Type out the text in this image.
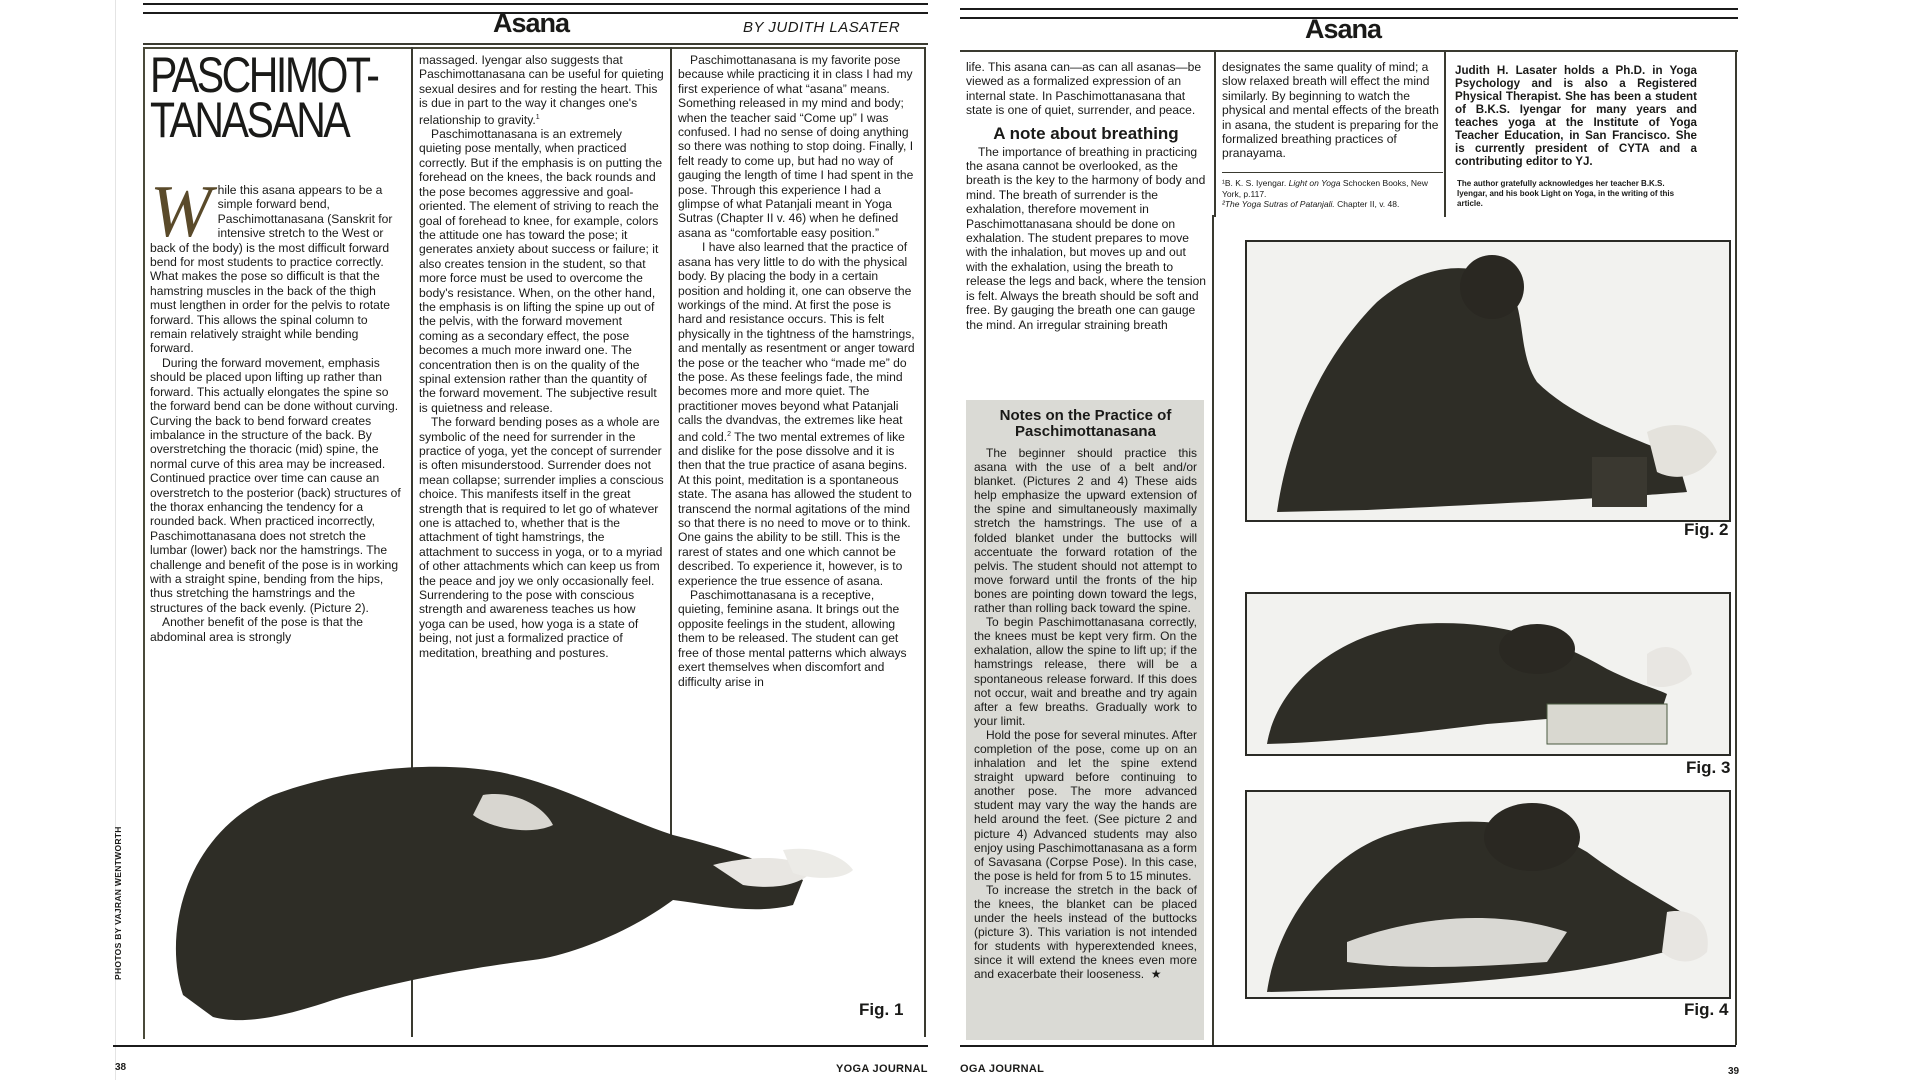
Asana	BY JUDITH LASATER
PASCHIMOT-
TANASANA

While this asana appears to be a simple forward bend, Paschimottanasana (Sanskrit for intensive stretch to the West or back of the body) is the most difficult forward bend for most students to practice correctly. What makes the pose so difficult is that the hamstring muscles in the back of the thigh must lengthen in order for the pelvis to rotate forward. This allows the spinal column to remain relatively straight while bending forward.

During the forward movement, emphasis should be placed upon lifting up rather than forward. This actually elongates the spine so the forward bend can be done without curving. Curving the back to bend forward creates imbalance in the structure of the back. By overstretching the thoracic (mid) spine, the normal curve of this area may be increased. Continued practice over time can cause an overstretch to the posterior (back) structures of the thorax enhancing the tendency for a rounded back. When practiced incorrectly, Paschimottanasana does not stretch the lumbar (lower) back nor the hamstrings. The challenge and benefit of the pose is in working with a straight spine, bending from the hips, thus stretching the hamstrings and the structures of the back evenly. (Picture 2).

Another benefit of the pose is that the abdominal area is strongly

massaged. Iyengar also suggests that Paschimottanasana can be useful for quieting sexual desires and for resting the heart. This is due in part to the way it changes one's relationship to gravity.$^1$

Paschimottanasana is an extremely quieting pose mentally, when practiced correctly. But if the emphasis is on putting the forehead on the knees, the back rounds and the pose becomes aggressive and goal-oriented. The element of striving to reach the goal of forehead to knee, for example, colors the attitude one has toward the pose; it generates anxiety about success or failure; it also creates tension in the student, so that more force must be used to overcome the body's resistance. When, on the other hand, the emphasis is on lifting the spine up out of the pelvis, with the forward movement coming as a secondary effect, the pose becomes a much more inward one. The concentration then is on the quality of the spinal extension rather than the quantity of the forward movement. The subjective result is quietness and release.

The forward bending poses as a whole are symbolic of the need for surrender in the practice of yoga, yet the concept of surrender is often misunderstood. Surrender does not mean collapse; surrender implies a conscious choice. This manifests itself in the great strength that is required to let go of whatever one is attached to, whether that is the attachment of tight hamstrings, the attachment to success in yoga, or to a myriad of other attachments which can keep us from the peace and joy we only occasionally feel. Surrendering to the pose with conscious strength and awareness teaches us how yoga can be used, how yoga is a state of being, not just a formalized practice of meditation, breathing and postures.

Paschimottanasana is my favorite pose because while practicing it in class I had my first experience of what “asana” means. Something released in my mind and body; when the teacher said “Come up” I was confused. I had no sense of doing anything so there was nothing to stop doing. Finally, I felt ready to come up, but had no way of gauging the length of time I had spent in the pose. Through this experience I had a glimpse of what Patanjali meant in Yoga Sutras (Chapter II v. 46) when he defined asana as “comfortable easy position.”

I have also learned that the practice of asana has very little to do with the physical body. By placing the body in a certain position and holding it, one can observe the workings of the mind. At first the pose is hard and resistance occurs. This is felt physically in the tightness of the hamstrings, and mentally as resentment or anger toward the pose or the teacher who “made me” do the pose. As these feelings fade, the mind becomes more and more quiet. The practitioner moves beyond what Patanjali calls the dvandvas, the extremes like heat and cold.$^2$ The two mental extremes of like and dislike for the pose dissolve and it is then that the true practice of asana begins. At this point, meditation is a spontaneous state. The asana has allowed the student to transcend the normal agitations of the mind so that there is no need to move or to think. One gains the ability to be still. This is the rarest of states and one which cannot be described. To experience it, however, is to experience the true essence of asana.

Paschimottanasana is a receptive, quieting, feminine asana. It brings out the opposite feelings in the student, allowing them to be released. The student can get free of those mental patterns which always exert themselves when discomfort and difficulty arise in

Fig. 1
PHOTOS BY VAJRAN WENTWORTH
38	YOGA JOURNAL
Asana

life. This asana can—as can all asanas—be viewed as a formalized expression of an internal state. In Paschimottanasana that state is one of quiet, surrender, and peace.

A note about breathing

The importance of breathing in practicing the asana cannot be overlooked, as the breath is the key to the harmony of body and mind. The breath of surrender is the exhalation, therefore movement in Paschimottanasana should be done on exhalation. The student prepares to move with the inhalation, but moves up and out with the exhalation, using the breath to release the legs and back, where the tension is felt. Always the breath should be soft and free. By gauging the breath one can gauge the mind. An irregular straining breath

designates the same quality of mind; a slow relaxed breath will effect the mind similarly. By beginning to watch the physical and mental effects of the breath in asana, the student is preparing for the formalized breathing practices of pranayama.

¹B. K. S. Iyengar. Light on Yoga Schocken Books, New York, p.117.
²The Yoga Sutras of Patanjali. Chapter II, v. 48.
Judith H. Lasater holds a Ph.D. in Yoga Psychology and is also a Registered Physical Therapist. She has been a student of B.K.S. Iyengar for many years and teaches yoga at the Institute of Yoga Teacher Education, in San Francisco. She is currently president of CYTA and a contributing editor to YJ.
The author gratefully acknowledges her teacher B.K.S. Iyengar, and his book Light on Yoga, in the writing of this article.
Notes on the Practice of Paschimottanasana

The beginner should practice this asana with the use of a belt and/or blanket. (Pictures 2 and 4) These aids help emphasize the upward extension of the spine and simultaneously maximally stretch the hamstrings. The use of a folded blanket under the buttocks will accentuate the forward rotation of the pelvis. The student should not attempt to move forward until the fronts of the hip bones are pointing down toward the legs, rather than rolling back toward the spine.

To begin Paschimottanasana correctly, the knees must be kept very firm. On the exhalation, allow the spine to lift up; if the hamstrings release, there will be a spontaneous release forward. If this does not occur, wait and breathe and try again after a few breaths. Gradually work to your limit.

Hold the pose for several minutes. After completion of the pose, come up on an inhalation and let the spine extend straight upward before continuing to another pose. The more advanced student may vary the way the hands are held around the feet. (See picture 2 and picture 4) Advanced students may also enjoy using Paschimottanasana as a form of Savasana (Corpse Pose). In this case, the pose is held for from 5 to 15 minutes.

To increase the stretch in the back of the knees, the blanket can be placed under the heels instead of the buttocks (picture 3). This variation is not intended for students with hyperextended knees, since it will extend the knees even more and exacerbate their looseness. ★

Fig. 2
Fig. 3
Fig. 4
OGA JOURNAL	39
